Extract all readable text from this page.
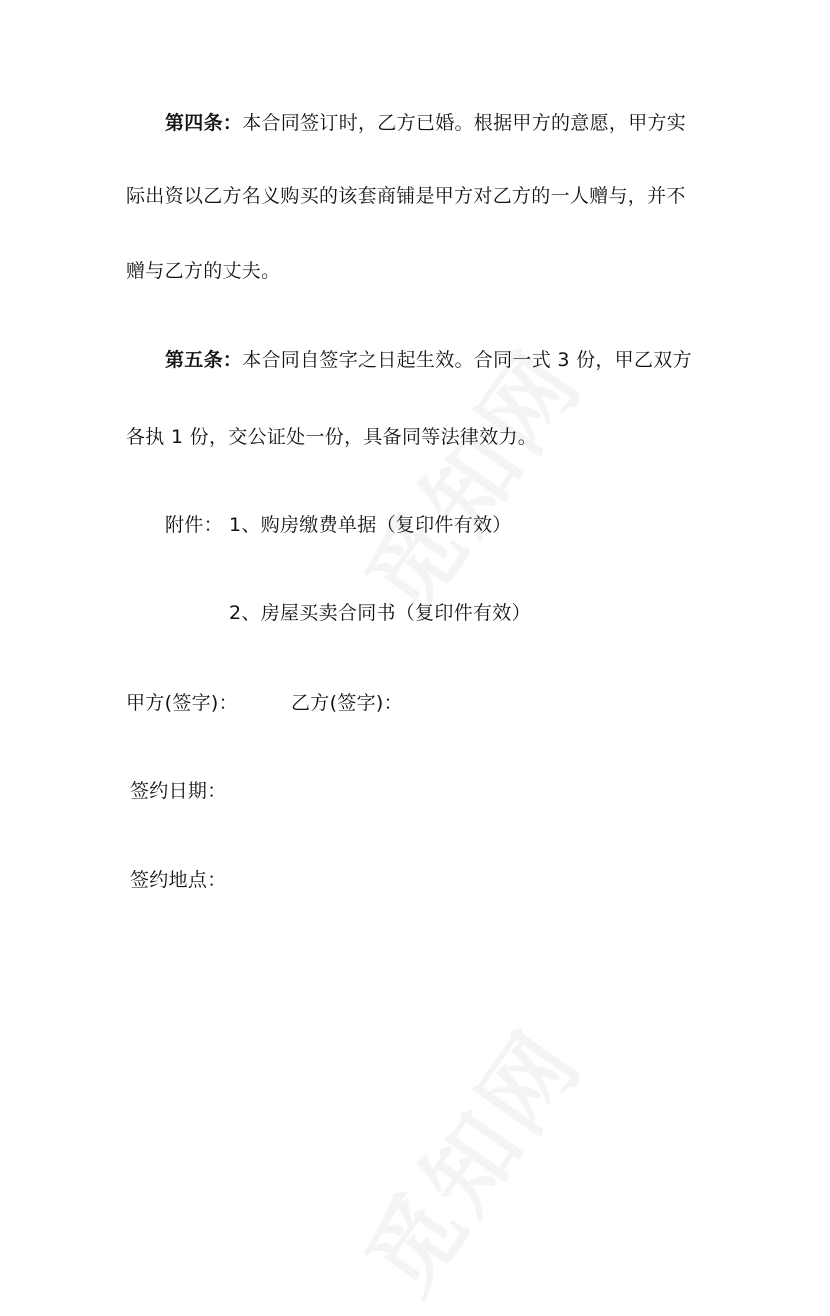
第四条：本合同签订时，乙方已婚。根据甲方的意愿，甲方实
际出资以乙方名义购买的该套商铺是甲方对乙方的一人赠与，并不
赠与乙方的丈夫。
第五条：本合同自签字之日起生效。合同一式 3 份，甲乙双方
各执 1 份，交公证处一份，具备同等法律效力。
附件： 1、购房缴费单据（复印件有效）
2、房屋买卖合同书（复印件有效）
甲方(签字)：	乙方(签字)：
签约日期：
签约地点：
